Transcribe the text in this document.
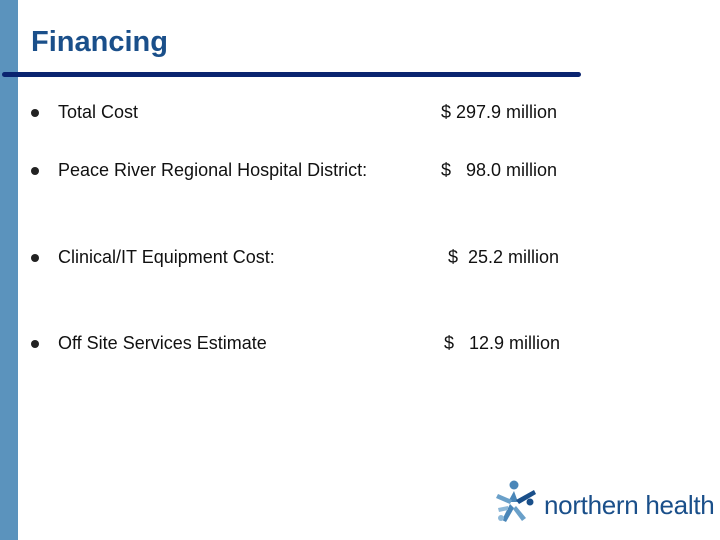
Financing
Total Cost	$ 297.9 million
Peace River Regional Hospital District:	$   98.0 million
Clinical/IT Equipment Cost:	$  25.2 million
Off Site Services Estimate	$   12.9 million
northern health
